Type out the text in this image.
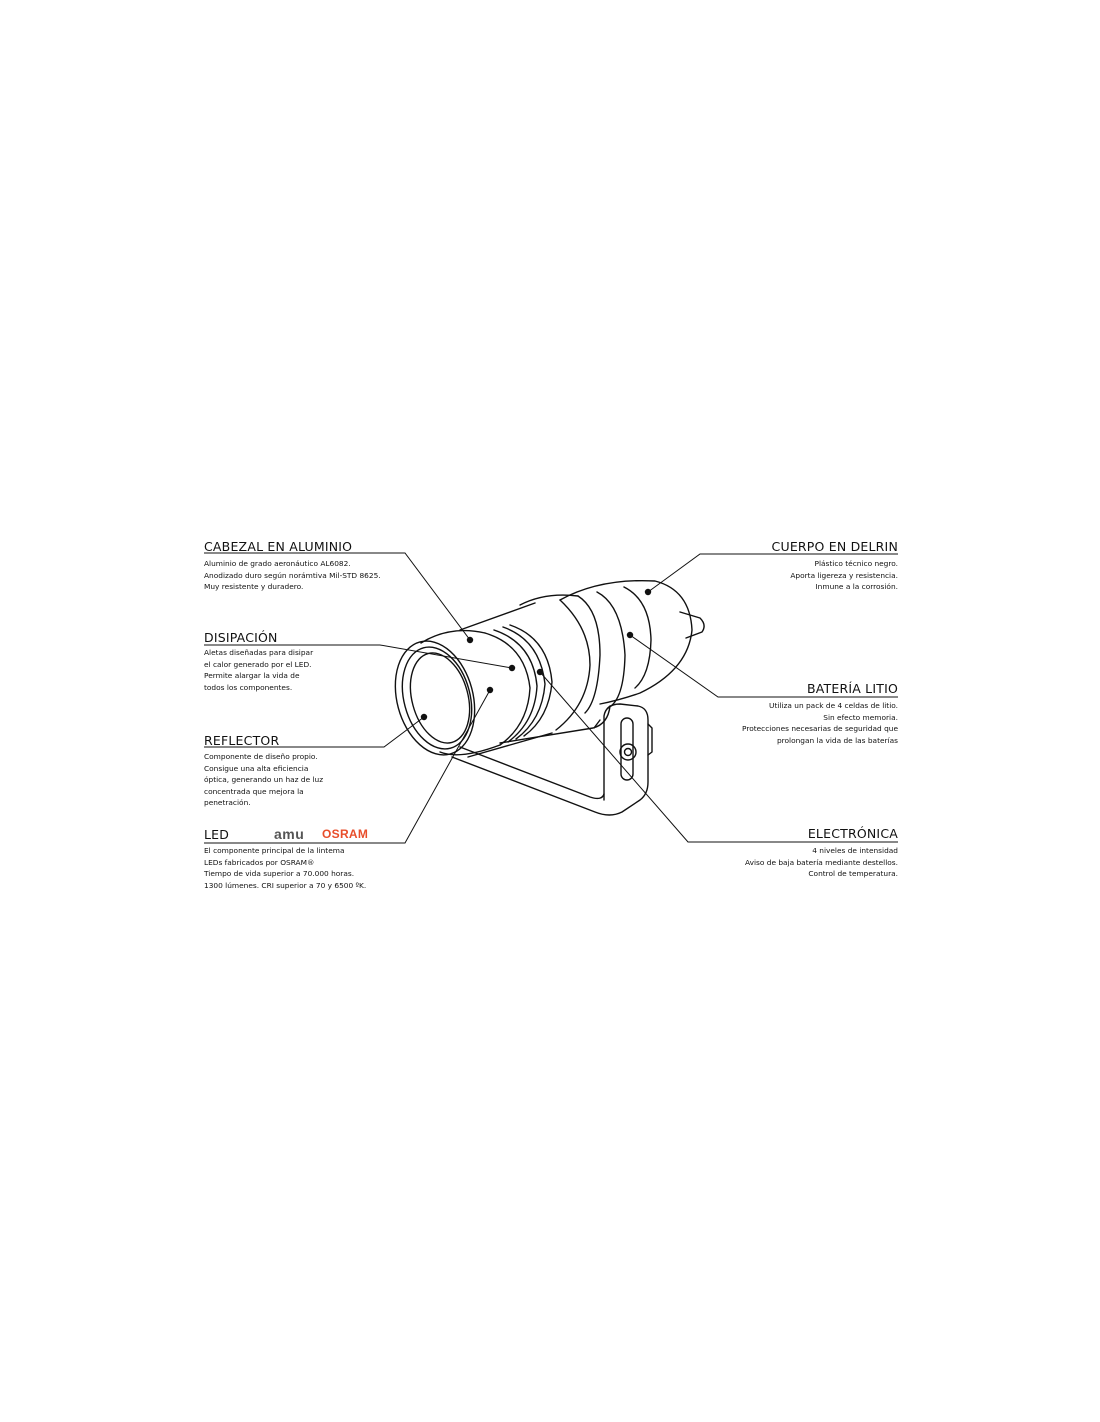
CABEZAL EN ALUMINIO
Aluminio de grado aeronáutico AL6082.
Anodizado duro según norámtiva Mil-STD 8625.
Muy resistente y duradero.
DISIPACIÓN
Aletas diseñadas para disipar
el calor generado por el LED.
Permite alargar la vida de
todos los componentes.
REFLECTOR
Componente de diseño propio.
Consigue una alta eficiencia
óptica, generando un haz de luz
concentrada que mejora la
penetración.
LED	amu OSRAM
El componente principal de la lintema
LEDs fabricados por OSRAM®
Tiempo de vida superior a 70.000 horas.
1300 lúmenes. CRI superior a 70 y 6500 ºK.
CUERPO EN DELRIN
Plástico técnico negro.
Aporta ligereza y resistencia.
Inmune a la corrosión.
BATERÍA LITIO
Utiliza un pack de 4 celdas de litio.
Sin efecto memoria.
Protecciones necesarias de seguridad que
prolongan la vida de las baterías
ELECTRÓNICA
4 niveles de intensidad
Aviso de baja batería mediante destellos.
Control de temperatura.
